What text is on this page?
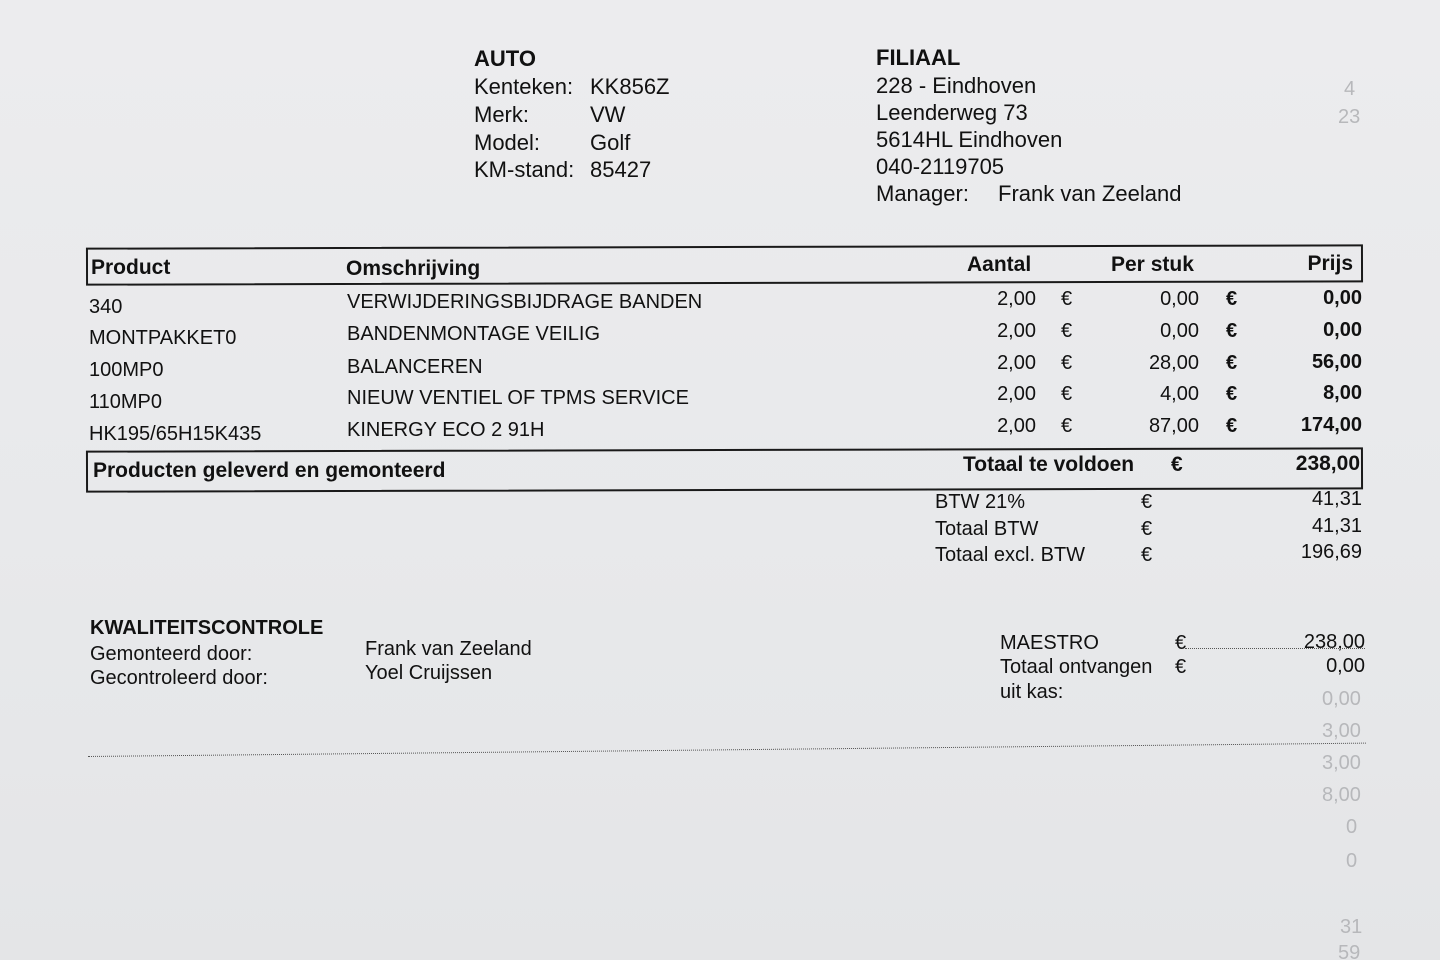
AUTO
Kenteken: KK856Z
Merk:	VW
Model: Golf
KM-stand: 85427
FILIAAL
228 - Eindhoven
Leenderweg 73
5614HL Eindhoven
040-2119705
Manager: Frank van Zeeland
Product	Omschrijving	Aantal	Per stuk	Prijs
340	VERWIJDERINGSBIJDRAGE BANDEN	2,00 €	0,00 €	0,00
MONTPAKKET0	BANDENMONTAGE VEILIG	2,00 €	0,00 €	0,00
100MP0	BALANCEREN	2,00 €	28,00 €	56,00
110MP0	NIEUW VENTIEL OF TPMS SERVICE	2,00 €	4,00 €	8,00
HK195/65H15K435	KINERGY ECO 2 91H	2,00 €	87,00 €	174,00
Producten geleverd en gemonteerd	Totaal te voldoen €	238,00
BTW 21%	€	41,31
Totaal BTW	€	41,31
Totaal excl. BTW	€	196,69
KWALITEITSCONTROLE
Gemonteerd door:	Frank van Zeeland
Gecontroleerd door:	Yoel Cruijssen
MAESTRO	€	238,00
Totaal ontvangen €	0,00
uit kas:
4
23
0,00
3,00
3,00
8,00
0
0
31
59
